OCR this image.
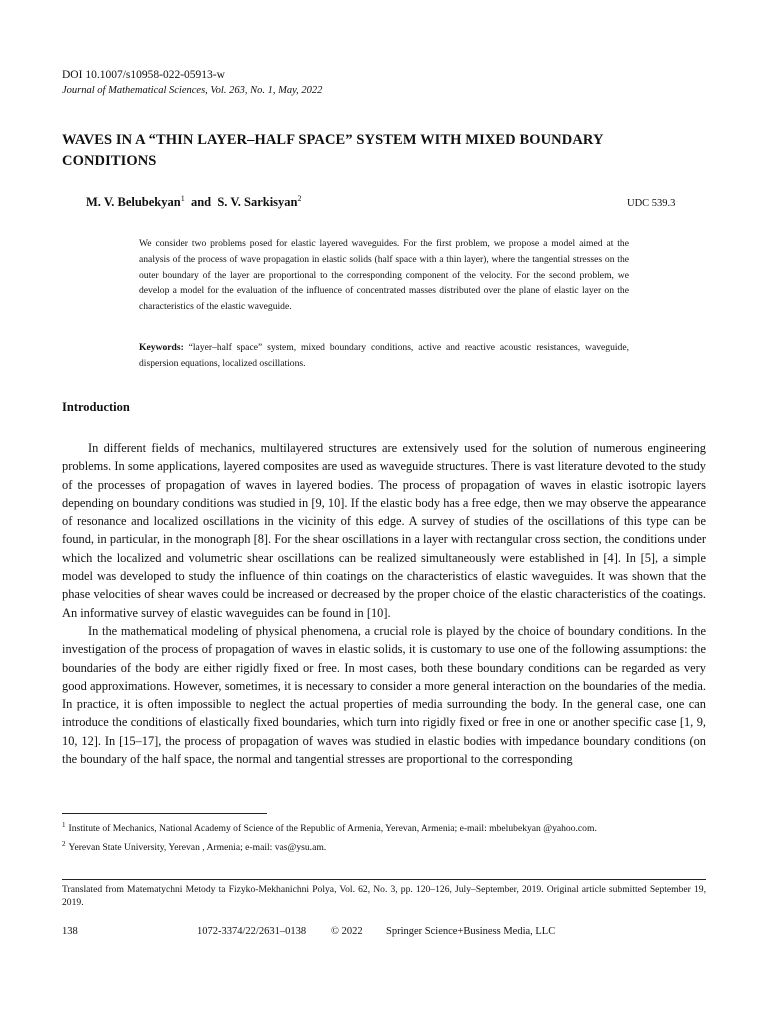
DOI 10.1007/s10958-022-05913-w
Journal of Mathematical Sciences, Vol. 263, No. 1, May, 2022
WAVES IN A “THIN LAYER–HALF SPACE” SYSTEM WITH MIXED BOUNDARY CONDITIONS
M. V. Belubekyan$^1$ and S. V. Sarkisyan$^2$	UDC 539.3
We consider two problems posed for elastic layered waveguides. For the first problem, we propose a model aimed at the analysis of the process of wave propagation in elastic solids (half space with a thin layer), where the tangential stresses on the outer boundary of the layer are proportional to the corresponding component of the velocity. For the second problem, we develop a model for the evaluation of the influence of concentrated masses distributed over the plane of elastic layer on the characteristics of the elastic waveguide.
Keywords: “layer–half space” system, mixed boundary conditions, active and reactive acoustic resistances, waveguide, dispersion equations, localized oscillations.
Introduction

In different fields of mechanics, multilayered structures are extensively used for the solution of numerous engineering problems. In some applications, layered composites are used as waveguide structures. There is vast literature devoted to the study of the processes of propagation of waves in layered bodies. The process of propagation of waves in elastic isotropic layers depending on boundary conditions was studied in [9, 10]. If the elastic body has a free edge, then we may observe the appearance of resonance and localized oscillations in the vicinity of this edge. A survey of studies of the oscillations of this type can be found, in particular, in the monograph [8]. For the shear oscillations in a layer with rectangular cross section, the conditions under which the localized and volumetric shear oscillations can be realized simultaneously were established in [4]. In [5], a simple model was developed to study the influence of thin coatings on the characteristics of elastic waveguides. It was shown that the phase velocities of shear waves could be increased or decreased by the proper choice of the elastic characteristics of the coatings. An informative survey of elastic waveguides can be found in [10].

In the mathematical modeling of physical phenomena, a crucial role is played by the choice of boundary conditions. In the investigation of the process of propagation of waves in elastic solids, it is customary to use one of the following assumptions: the boundaries of the body are either rigidly fixed or free. In most cases, both these boundary conditions can be regarded as very good approximations. However, sometimes, it is necessary to consider a more general interaction on the boundaries of the media. In practice, it is often impossible to neglect the actual properties of media surrounding the body. In the general case, one can introduce the conditions of elastically fixed boundaries, which turn into rigidly fixed or free in one or another specific case [1, 9, 10, 12]. In [15–17], the process of propagation of waves was studied in elastic bodies with impedance boundary conditions (on the boundary of the half space, the normal and tangential stresses are proportional to the corresponding

$^1$ Institute of Mechanics, National Academy of Science of the Republic of Armenia, Yerevan, Armenia; e-mail: mbelubekyan @yahoo.com.

$^2$ Yerevan State University, Yerevan , Armenia; e-mail: vas@ysu.am.

Translated from Matematychni Metody ta Fizyko-Mekhanichni Polya, Vol. 62, No. 3, pp. 120–126, July–September, 2019. Original article submitted September 19, 2019.
138	1072-3374/22/2631–0138 © 2022 Springer Science+Business Media, LLC
